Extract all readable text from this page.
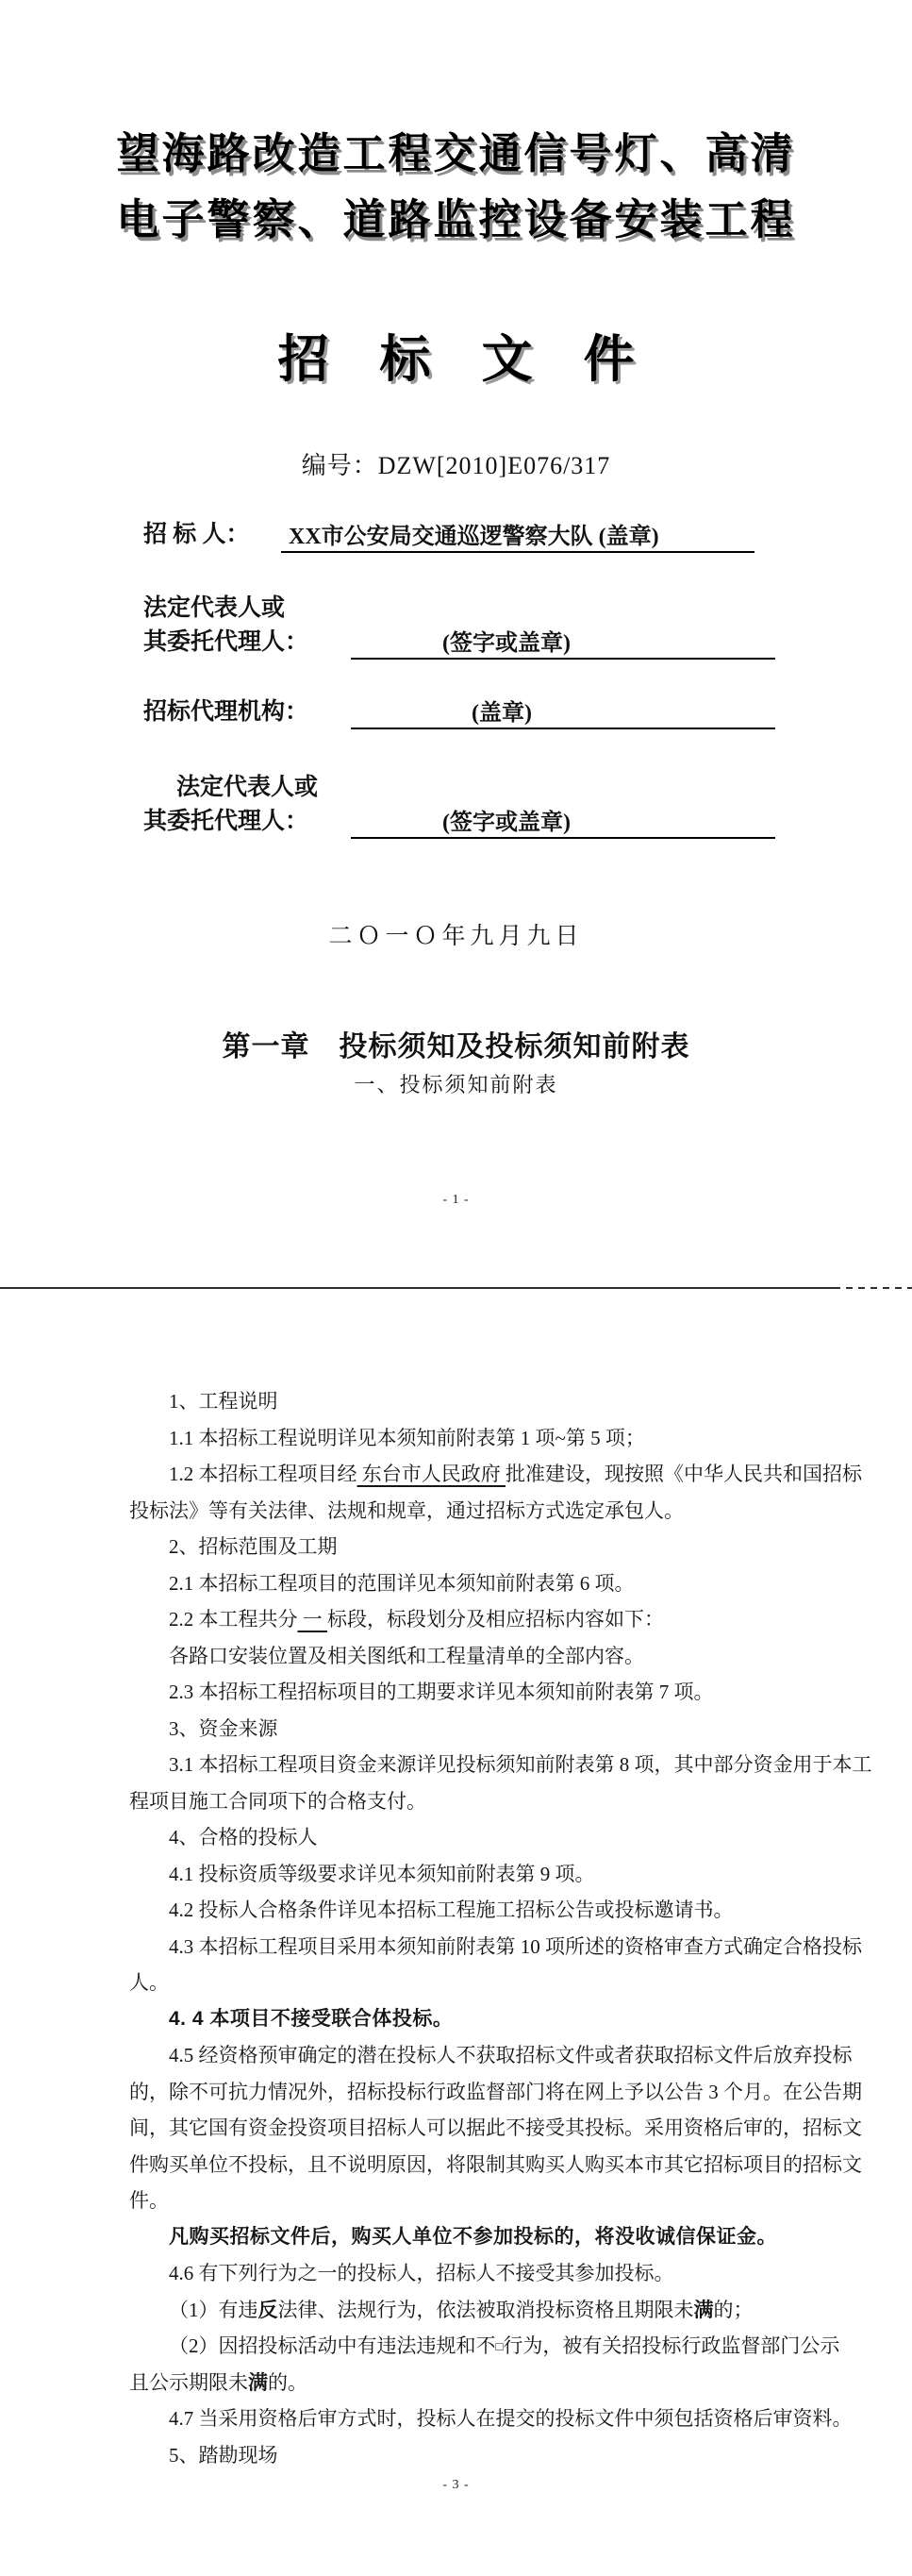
望海路改造工程交通信号灯、高清
电子警察、道路监控设备安装工程
招　标　文　件
编号：DZW[2010]E076/317
招 标 人：	XX市公安局交通巡逻警察大队 (盖章)
法定代表人或
其委托代理人：	(签字或盖章)
招标代理机构：	(盖章)
法定代表人或
其委托代理人：	(签字或盖章)
二Ｏ一Ｏ年九月九日
第一章　投标须知及投标须知前附表
一、投标须知前附表
- 1 -
1、工程说明
1.1 本招标工程说明详见本须知前附表第 1 项~第 5 项；
1.2 本招标工程项目经 东台市人民政府 批准建设，现按照《中华人民共和国招标
投标法》等有关法律、法规和规章，通过招标方式选定承包人。
2、招标范围及工期
2.1 本招标工程项目的范围详见本须知前附表第 6 项。
2.2 本工程共分 一 标段，标段划分及相应招标内容如下：
各路口安装位置及相关图纸和工程量清单的全部内容。
2.3 本招标工程招标项目的工期要求详见本须知前附表第 7 项。
3、资金来源
3.1 本招标工程项目资金来源详见投标须知前附表第 8 项，其中部分资金用于本工
程项目施工合同项下的合格支付。
4、合格的投标人
4.1 投标资质等级要求详见本须知前附表第 9 项。
4.2 投标人合格条件详见本招标工程施工招标公告或投标邀请书。
4.3 本招标工程项目采用本须知前附表第 10 项所述的资格审查方式确定合格投标
人。
4. 4 本项目不接受联合体投标。
4.5 经资格预审确定的潜在投标人不获取招标文件或者获取招标文件后放弃投标
的，除不可抗力情况外，招标投标行政监督部门将在网上予以公告 3 个月。在公告期
间，其它国有资金投资项目招标人可以据此不接受其投标。采用资格后审的，招标文
件购买单位不投标，且不说明原因，将限制其购买人购买本市其它招标项目的招标文
件。
凡购买招标文件后，购买人单位不参加投标的，将没收诚信保证金。
4.6 有下列行为之一的投标人，招标人不接受其参加投标。
（1）有违反法律、法规行为，依法被取消投标资格且期限未满的；
（2）因招投标活动中有违法违规和不□行为，被有关招投标行政监督部门公示
且公示期限未满的。
4.7 当采用资格后审方式时，投标人在提交的投标文件中须包括资格后审资料。
5、踏勘现场
- 3 -
